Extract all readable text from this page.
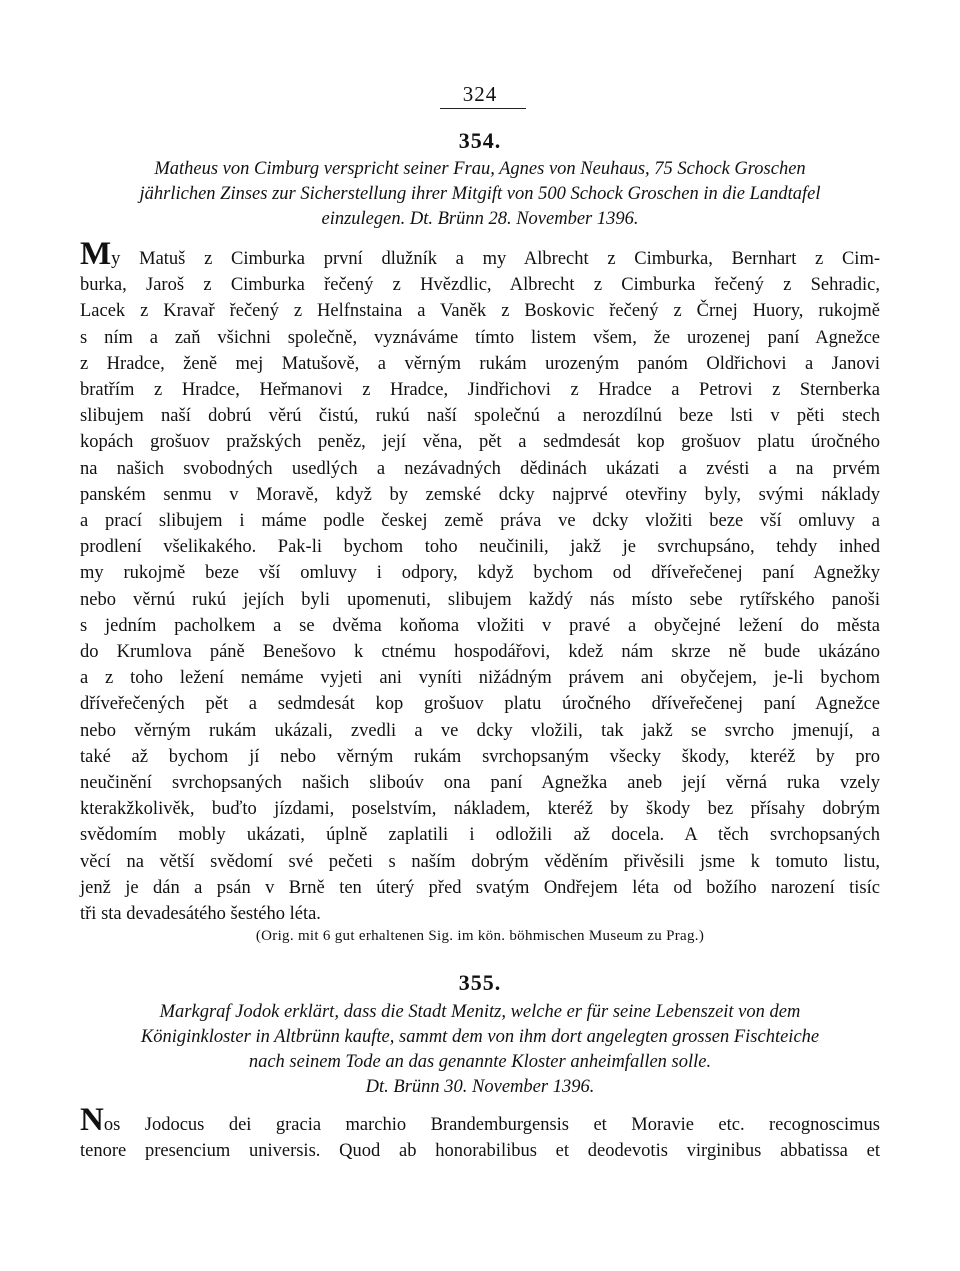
324
354.
Matheus von Cimburg verspricht seiner Frau, Agnes von Neuhaus, 75 Schock Groschen
jährlichen Zinses zur Sicherstellung ihrer Mitgift von 500 Schock Groschen in die Landtafel
einzulegen. Dt. Brünn 28. November 1396.
My Matuš z Cimburka první dlužník a my Albrecht z Cimburka, Bernhart z Cim-
burka, Jaroš z Cimburka řečený z Hvězdlic, Albrecht z Cimburka řečený z Sehradic,
Lacek z Kravař řečený z Helfnstaina a Vaněk z Boskovic řečený z Črnej Huory, rukojmě
s ním a zaň všichni společně, vyznáváme tímto listem všem, že urozenej paní Agnežce
z Hradce, ženě mej Matušově, a věrným rukám urozeným panóm Oldřichovi a Janovi
bratřím z Hradce, Heřmanovi z Hradce, Jindřichovi z Hradce a Petrovi z Sternberka
slibujem naší dobrú věrú čistú, rukú naší společnú a nerozdílnú beze lsti v pěti stech
kopách grošuov pražských peněz, její věna, pět a sedmdesát kop grošuov platu úročného
na našich svobodných usedlých a nezávadných dědinách ukázati a zvésti a na prvém
panském senmu v Moravě, když by zemské dcky najprvé otevřiny byly, svými náklady
a prací slibujem i máme podle českej země práva ve dcky vložiti beze vší omluvy a
prodlení všelikakého. Pak-li bychom toho neučinili, jakž je svrchupsáno, tehdy inhed
my rukojmě beze vší omluvy i odpory, když bychom od dříveřečenej paní Agnežky
nebo věrnú rukú jejích byli upomenuti, slibujem každý nás místo sebe rytířského panoši
s jedním pacholkem a se dvěma koňoma vložiti v pravé a obyčejné ležení do města
do Krumlova páně Benešovo k ctnému hospodářovi, kdež nám skrze ně bude ukázáno
a z toho ležení nemáme vyjeti ani vyníti nižádným právem ani obyčejem, je-li bychom
dříveřečených pět a sedmdesát kop grošuov platu úročného dříveřečenej paní Agnežce
nebo věrným rukám ukázali, zvedli a ve dcky vložili, tak jakž se svrcho jmenují, a
také až bychom jí nebo věrným rukám svrchopsaným všecky škody, kteréž by pro
neučinění svrchopsaných našich sliboúv ona paní Agnežka aneb její věrná ruka vzely
kterakžkolivěk, buďto jízdami, poselstvím, nákladem, kteréž by škody bez přísahy dobrým
svědomím mobly ukázati, úplně zaplatili i odložili až docela. A těch svrchopsaných
věcí na větší svědomí své pečeti s naším dobrým věděním přivěsili jsme k tomuto listu,
jenž je dán a psán v Brně ten úterý před svatým Ondřejem léta od božího narození tisíc
tři sta devadesátého šestého léta.
(Orig. mit 6 gut erhaltenen Sig. im kön. böhmischen Museum zu Prag.)
355.
Markgraf Jodok erklärt, dass die Stadt Menitz, welche er für seine Lebenszeit von dem
Königinkloster in Altbrünn kaufte, sammt dem von ihm dort angelegten grossen Fischteiche
nach seinem Tode an das genannte Kloster anheimfallen solle.
Dt. Brünn 30. November 1396.
Nos Jodocus dei gracia marchio Brandemburgensis et Moravie etc. recognoscimus
tenore presencium universis. Quod ab honorabilibus et deodevotis virginibus abbatissa et
